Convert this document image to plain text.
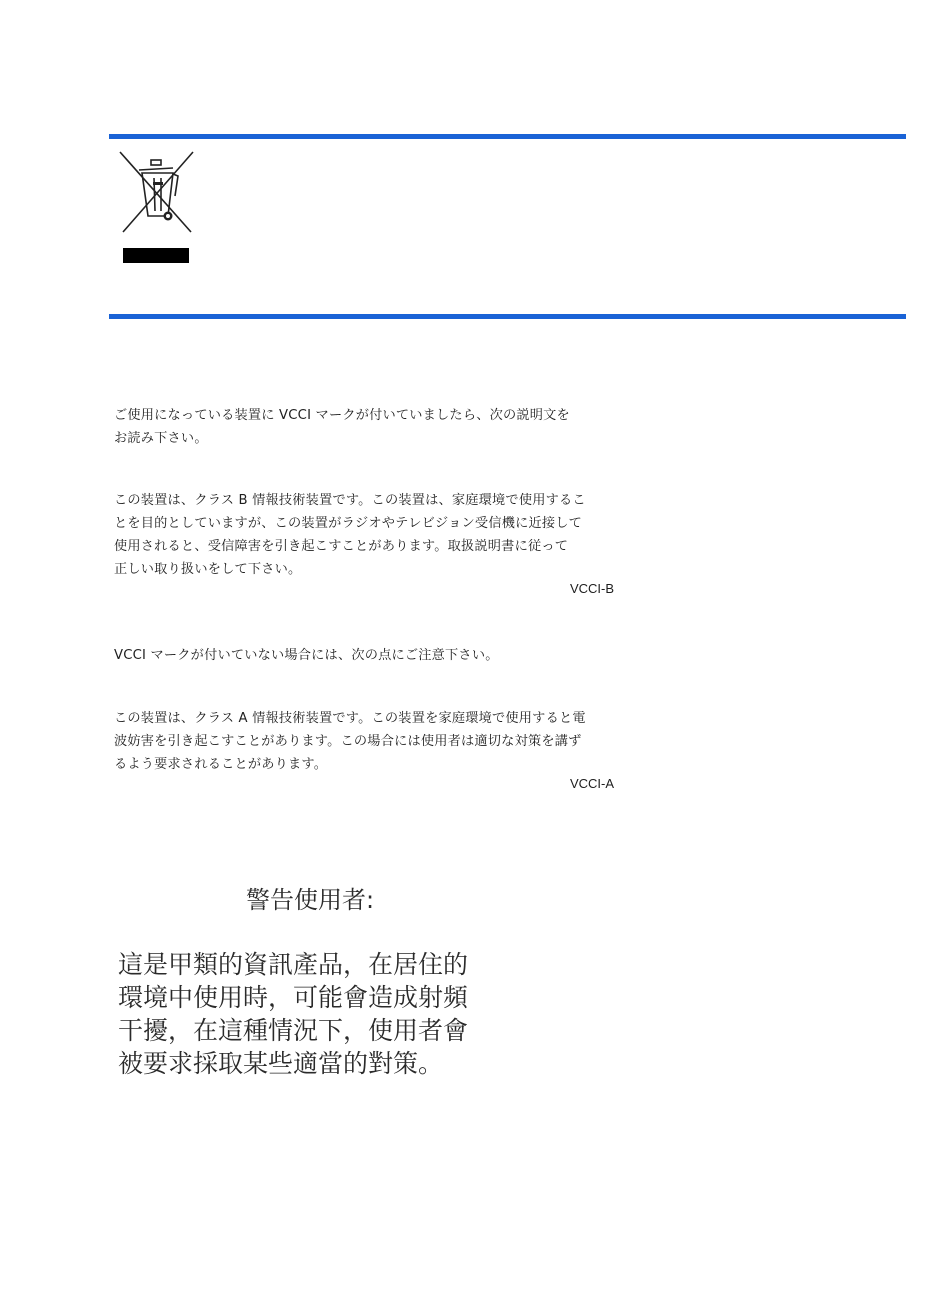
ご使用になっている装置に VCCI マークが付いていましたら、次の説明文を
お読み下さい。
この装置は、クラス B 情報技術装置です。この装置は、家庭環境で使用するこ
とを目的としていますが、この装置がラジオやテレビジョン受信機に近接して
使用されると、受信障害を引き起こすことがあります。取扱説明書に従って
正しい取り扱いをして下さい。
VCCI-B
VCCI マークが付いていない場合には、次の点にご注意下さい。
この装置は、クラス A 情報技術装置です。この装置を家庭環境で使用すると電
波妨害を引き起こすことがあります。この場合には使用者は適切な対策を講ず
るよう要求されることがあります。
VCCI-A
警告使用者:
這是甲類的資訊產品，在居住的
環境中使用時，可能會造成射頻
干擾，在這種情況下，使用者會
被要求採取某些適當的對策。
